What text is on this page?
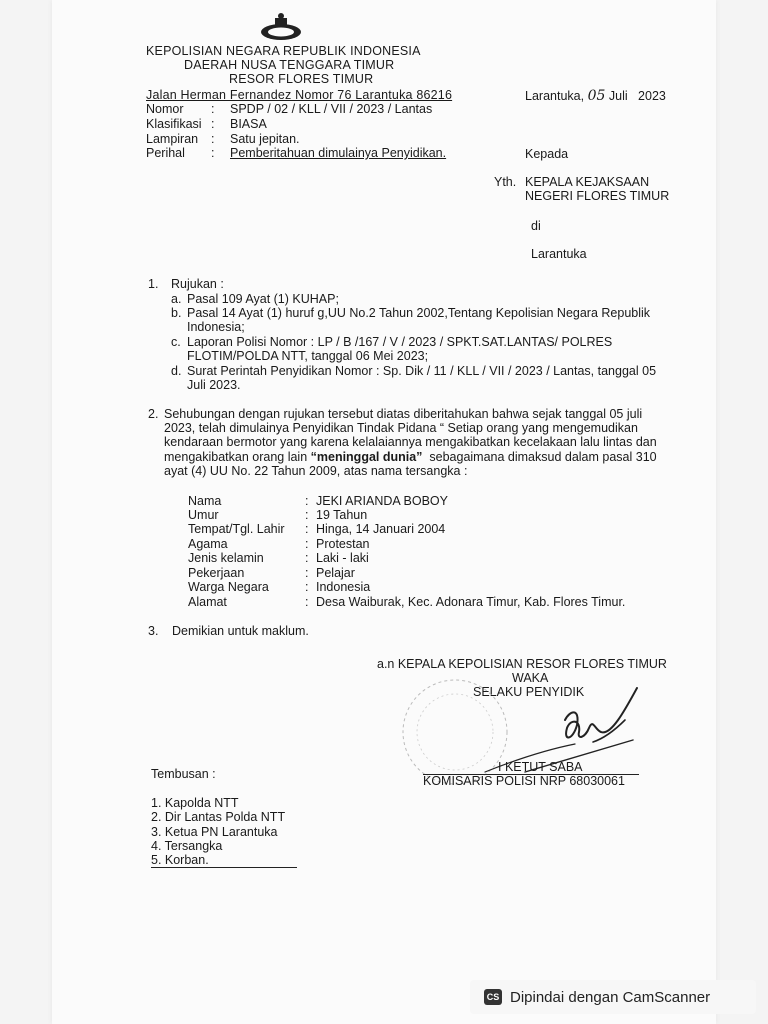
KEPOLISIAN NEGARA REPUBLIK INDONESIA
DAERAH NUSA TENGGARA TIMUR
RESOR FLORES TIMUR
Jalan Herman Fernandez Nomor 76 Larantuka 86216	Larantuka, 05 Juli   2023
Nomor : SPDP / 02 / KLL / VII / 2023 / Lantas
Klasifikasi : BIASA
Lampiran : Satu jepitan.
Perihal : Pemberitahuan dimulainya Penyidikan.	Kepada
Yth. KEPALA KEJAKSAAN
NEGERI FLORES TIMUR
di
Larantuka
1. Rujukan :
a. Pasal 109 Ayat (1) KUHAP;
b. Pasal 14 Ayat (1) huruf g,UU No.2 Tahun 2002,Tentang Kepolisian Negara Republik
Indonesia;
c. Laporan Polisi Nomor : LP / B /167 / V / 2023 / SPKT.SAT.LANTAS/ POLRES
FLOTIM/POLDA NTT, tanggal 06 Mei 2023;
d. Surat Perintah Penyidikan Nomor : Sp. Dik / 11 / KLL / VII / 2023 / Lantas, tanggal 05
Juli 2023.
2. Sehubungan dengan rujukan tersebut diatas diberitahukan bahwa sejak tanggal 05 juli
2023, telah dimulainya Penyidikan Tindak Pidana “ Setiap orang yang mengemudikan
kendaraan bermotor yang karena kelalaiannya mengakibatkan kecelakaan lalu lintas dan
mengakibatkan orang lain “meninggal dunia”  sebagaimana dimaksud dalam pasal 310
ayat (4) UU No. 22 Tahun 2009, atas nama tersangka :
Nama	: JEKI ARIANDA BOBOY
Umur	: 19 Tahun
Tempat/Tgl. Lahir : Hinga, 14 Januari 2004
Agama	: Protestan
Jenis kelamin	: Laki - laki
Pekerjaan	: Pelajar
Warga Negara	: Indonesia
Alamat	: Desa Waiburak, Kec. Adonara Timur, Kab. Flores Timur.
3. Demikian untuk maklum.
a.n KEPALA KEPOLISIAN RESOR FLORES TIMUR
WAKA
SELAKU PENYIDIK
I KETUT SABA
KOMISARIS POLISI NRP 68030061
Tembusan :
1. Kapolda NTT
2. Dir Lantas Polda NTT
3. Ketua PN Larantuka
4. Tersangka
5. Korban.
CS Dipindai dengan CamScanner
